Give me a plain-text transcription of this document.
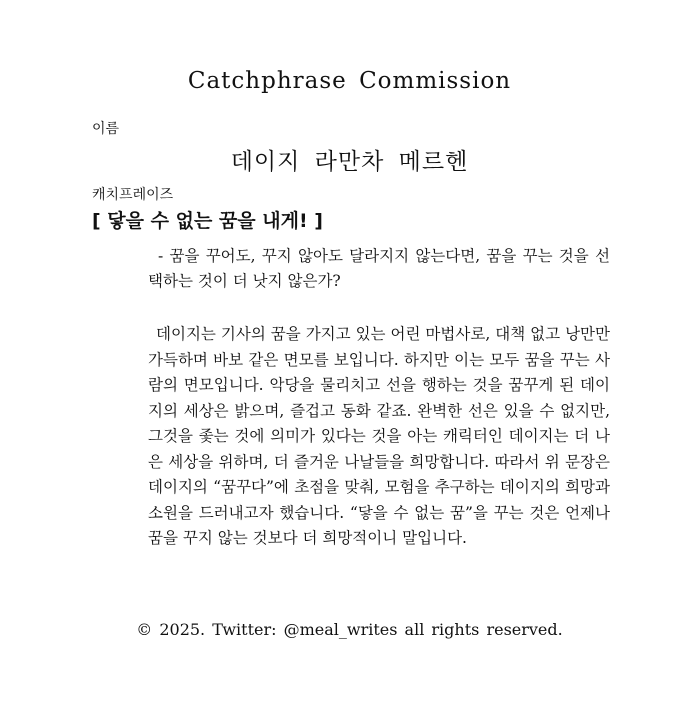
Catchphrase Commission
이름
데이지 라만차 메르헨
캐치프레이즈
[ 닿을 수 없는 꿈을 내게! ]
- 꿈을 꾸어도, 꾸지 않아도 달라지지 않는다면, 꿈을 꾸는 것을 선택하는 것이 더 낫지 않은가?
데이지는 기사의 꿈을 가지고 있는 어린 마법사로, 대책 없고 낭만만 가득하며 바보 같은 면모를 보입니다. 하지만 이는 모두 꿈을 꾸는 사람의 면모입니다. 악당을 물리치고 선을 행하는 것을 꿈꾸게 된 데이지의 세상은 밝으며, 즐겁고 동화 같죠. 완벽한 선은 있을 수 없지만, 그것을 좇는 것에 의미가 있다는 것을 아는 캐릭터인 데이지는 더 나은 세상을 위하며, 더 즐거운 나날들을 희망합니다. 따라서 위 문장은 데이지의 “꿈꾸다”에 초점을 맞춰, 모험을 추구하는 데이지의 희망과 소원을 드러내고자 했습니다. “닿을 수 없는 꿈”을 꾸는 것은 언제나 꿈을 꾸지 않는 것보다 더 희망적이니 말입니다.
© 2025. Twitter: @meal_writes all rights reserved.
